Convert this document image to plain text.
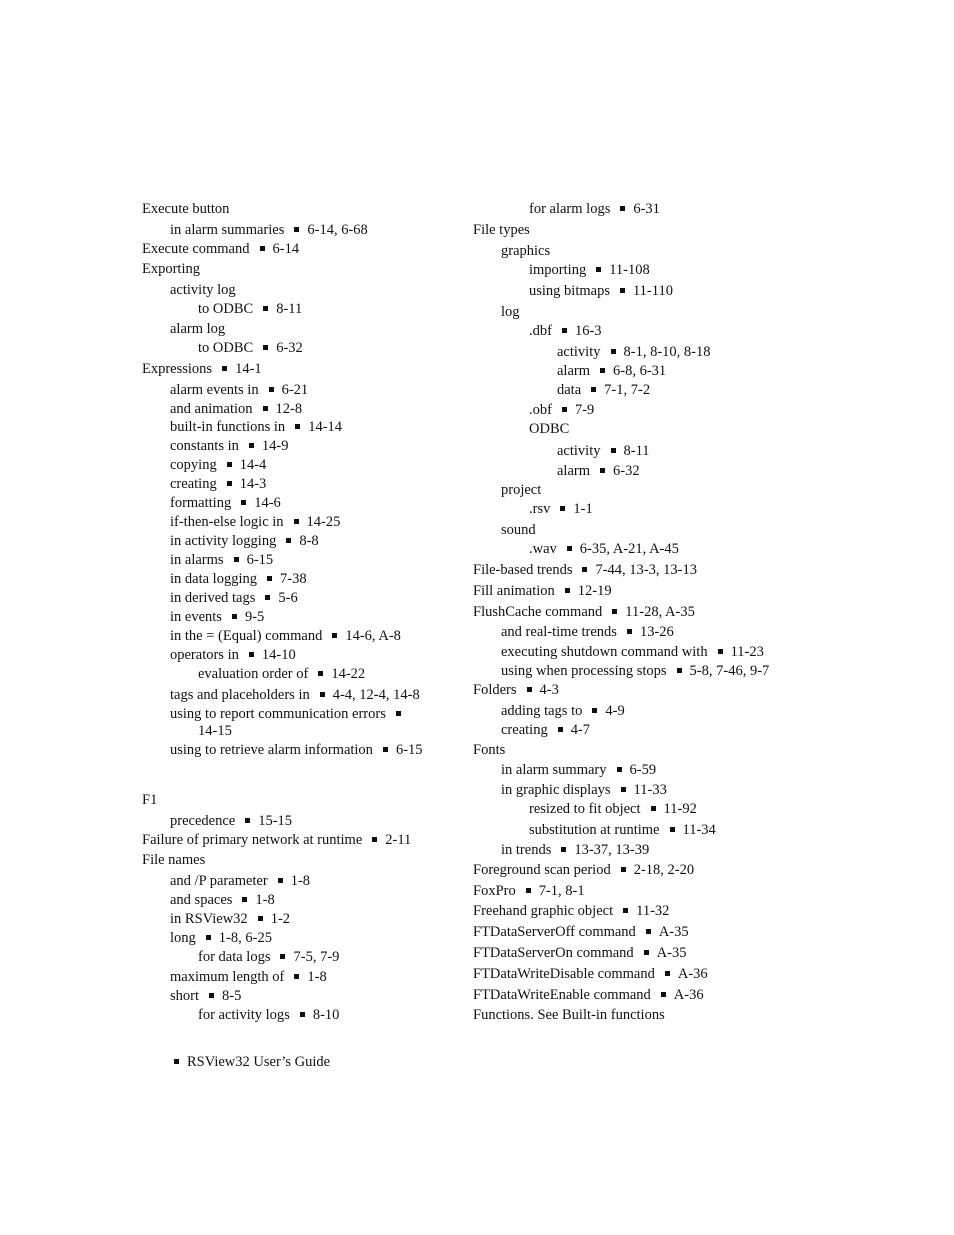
Execute button
in alarm summaries 6-14, 6-68
Execute command 6-14
Exporting
activity log
to ODBC 8-11
alarm log
to ODBC 6-32
Expressions 14-1
alarm events in 6-21
and animation 12-8
built-in functions in 14-14
constants in 14-9
copying 14-4
creating 14-3
formatting 14-6
if-then-else logic in 14-25
in activity logging 8-8
in alarms 6-15
in data logging 7-38
in derived tags 5-6
in events 9-5
in the = (Equal) command 14-6, A-8
operators in 14-10
evaluation order of 14-22
tags and placeholders in 4-4, 12-4, 14-8
using to report communication errors
14-15
using to retrieve alarm information 6-15
F1
precedence 15-15
Failure of primary network at runtime 2-11
File names
and /P parameter 1-8
and spaces 1-8
in RSView32 1-2
long 1-8, 6-25
for data logs 7-5, 7-9
maximum length of 1-8
short 8-5
for activity logs 8-10
for alarm logs 6-31
File types
graphics
importing 11-108
using bitmaps 11-110
log
.dbf 16-3
activity 8-1, 8-10, 8-18
alarm 6-8, 6-31
data 7-1, 7-2
.obf 7-9
ODBC
activity 8-11
alarm 6-32
project
.rsv 1-1
sound
.wav 6-35, A-21, A-45
File-based trends 7-44, 13-3, 13-13
Fill animation 12-19
FlushCache command 11-28, A-35
and real-time trends 13-26
executing shutdown command with 11-23
using when processing stops 5-8, 7-46, 9-7
Folders 4-3
adding tags to 4-9
creating 4-7
Fonts
in alarm summary 6-59
in graphic displays 11-33
resized to fit object 11-92
substitution at runtime 11-34
in trends 13-37, 13-39
Foreground scan period 2-18, 2-20
FoxPro 7-1, 8-1
Freehand graphic object 11-32
FTDataServerOff command A-35
FTDataServerOn command A-35
FTDataWriteDisable command A-36
FTDataWriteEnable command A-36
Functions. See Built-in functions
RSView32 User’s Guide
